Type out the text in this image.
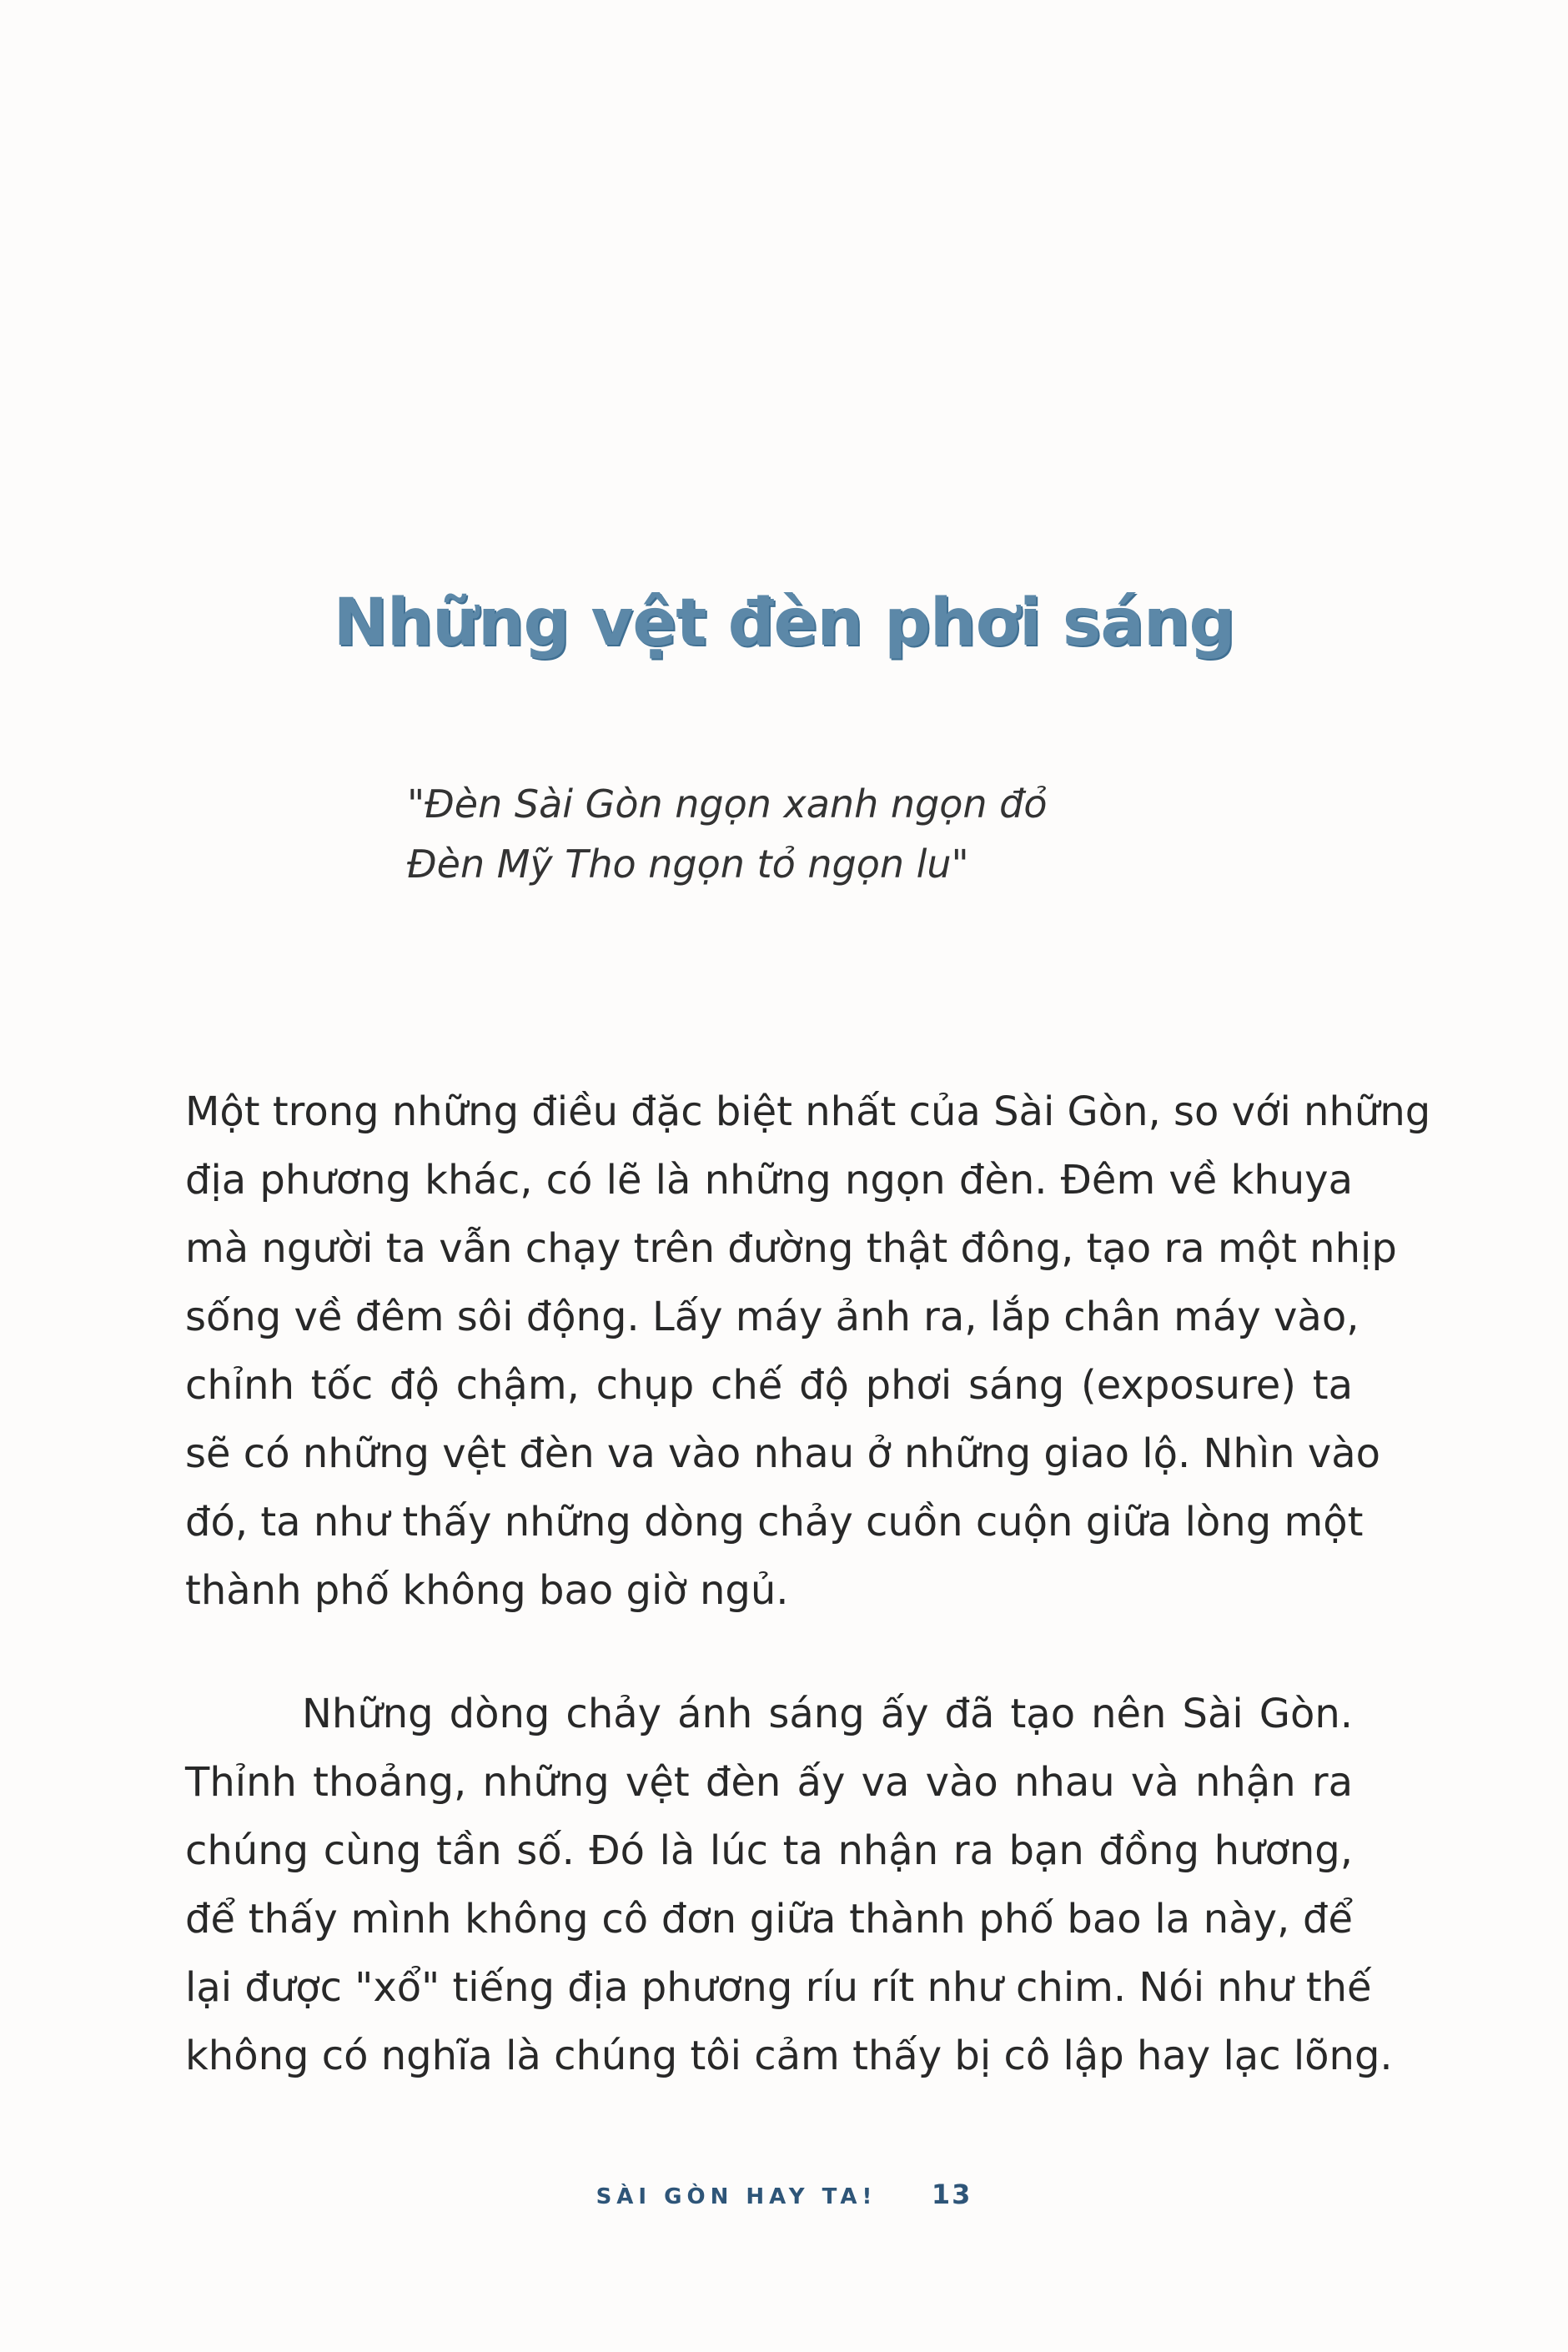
Những vệt đèn phơi sáng
"Đèn Sài Gòn ngọn xanh ngọn đỏ
Đèn Mỹ Tho ngọn tỏ ngọn lu"
Một trong những điều đặc biệt nhất của Sài Gòn, so với những
địa phương khác, có lẽ là những ngọn đèn. Đêm về khuya
mà người ta vẫn chạy trên đường thật đông, tạo ra một nhịp
sống về đêm sôi động. Lấy máy ảnh ra, lắp chân máy vào,
chỉnh tốc độ chậm, chụp chế độ phơi sáng (exposure) ta
sẽ có những vệt đèn va vào nhau ở những giao lộ. Nhìn vào
đó, ta như thấy những dòng chảy cuồn cuộn giữa lòng một
thành phố không bao giờ ngủ.
Những dòng chảy ánh sáng ấy đã tạo nên Sài Gòn.
Thỉnh thoảng, những vệt đèn ấy va vào nhau và nhận ra
chúng cùng tần số. Đó là lúc ta nhận ra bạn đồng hương,
để thấy mình không cô đơn giữa thành phố bao la này, để
lại được "xổ" tiếng địa phương ríu rít như chim. Nói như thế
không có nghĩa là chúng tôi cảm thấy bị cô lập hay lạc lõng.
SÀI GÒN HAY TA! 13
